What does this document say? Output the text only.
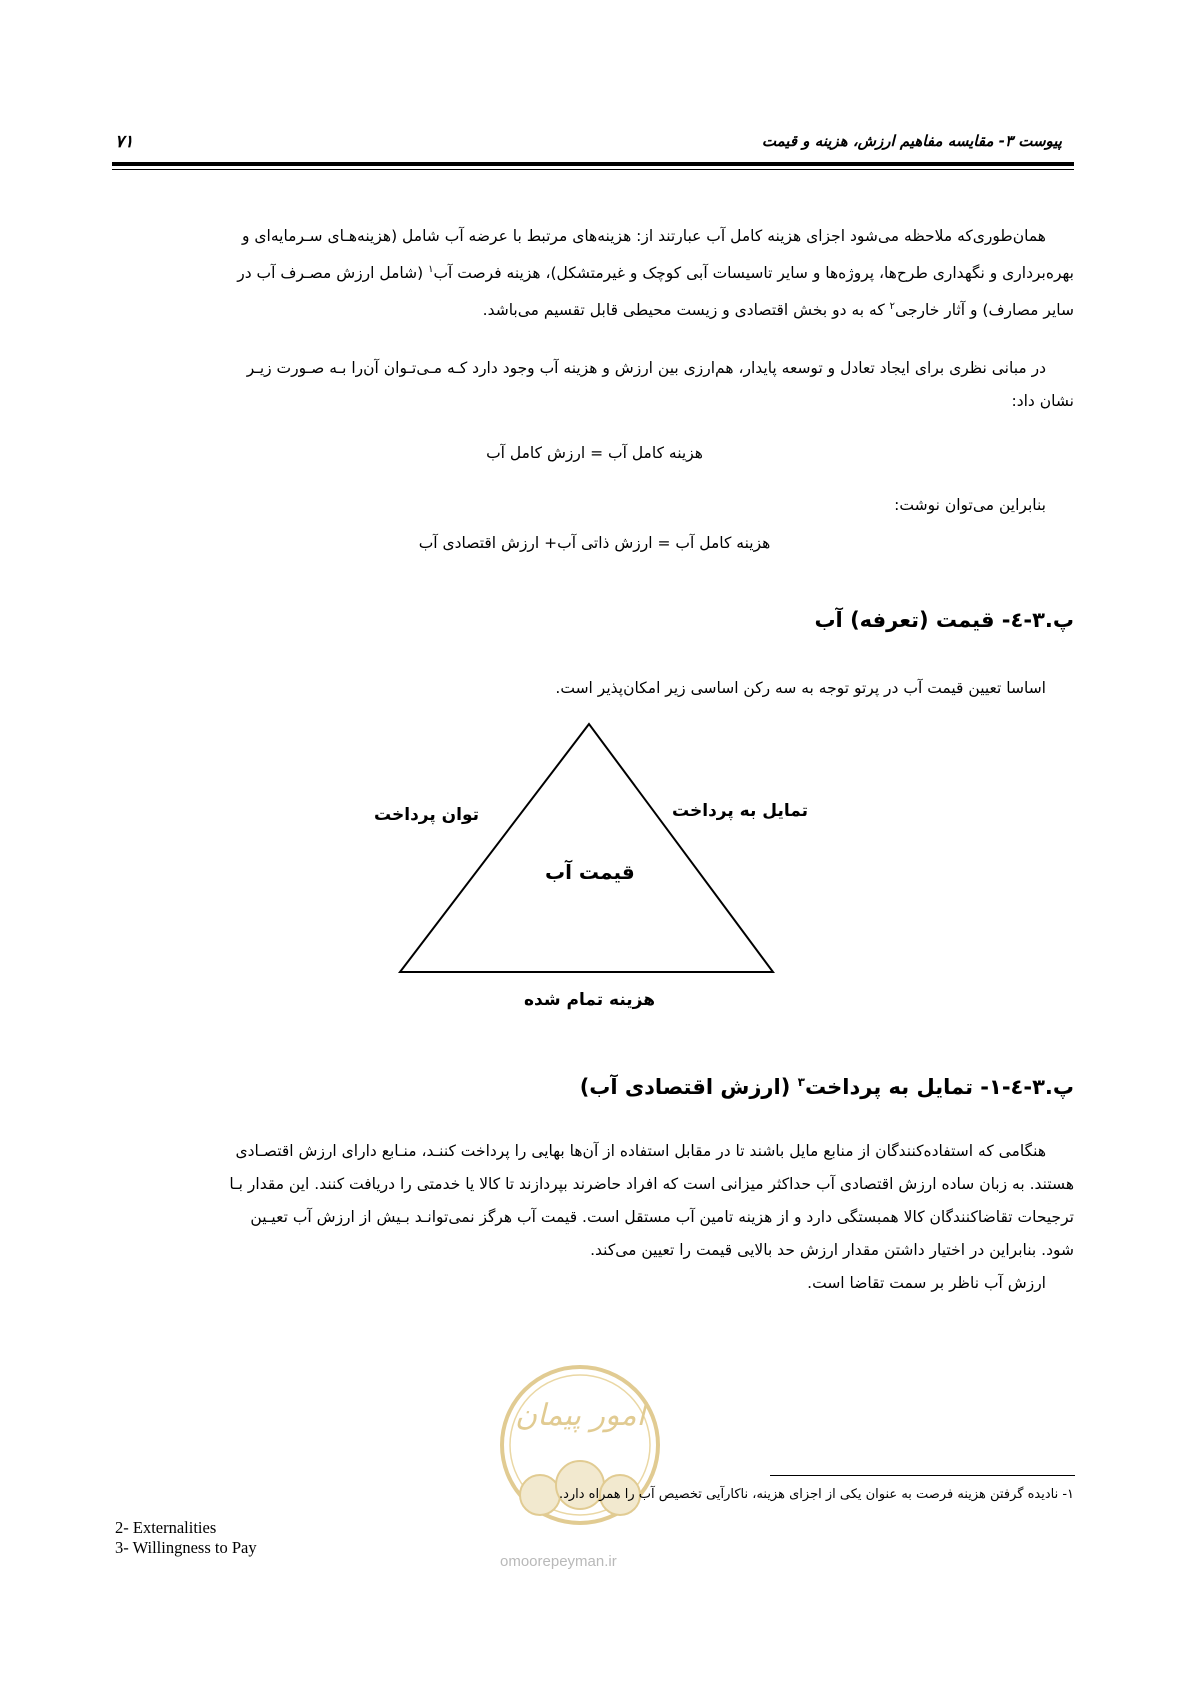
پیوست ۳- مقایسه مفاهیم ارزش، هزینه و قیمت
۷۱
همان‌طوری‌که ملاحظه می‌شود اجزای هزینه کامل آب عبارتند از: هزینه‌های مرتبط با عرضه آب شامل (هزینه‌هـای سـرمایه‌ای و
بهره‌برداری و نگهداری طرح‌ها، پروژه‌ها و سایر تاسیسات آبی کوچک و غیرمتشکل)، هزینه فرصت آب$^۱$ (شامل ارزش مصـرف آب در
سایر مصارف) و آثار خارجی$^۲$ که به دو بخش اقتصادی و زیست محیطی قابل تقسیم می‌باشد.
در مبانی نظری برای ایجاد تعادل و توسعه پایدار، هم‌ارزی بین ارزش و هزینه آب وجود دارد کـه مـی‌تـوان آن‌را بـه صـورت زیـر
نشان داد:
هزینه کامل آب = ارزش کامل آب
بنابراین می‌توان نوشت:
هزینه کامل آب = ارزش ذاتی آب+ ارزش اقتصادی آب
پ.۳-٤- قیمت (تعرفه) آب
اساسا تعیین قیمت آب در پرتو توجه به سه رکن اساسی زیر امکان‌پذیر است.
توان پرداخت	تمایل به پرداخت
قیمت آب
هزینه تمام شده
پ.۳-٤-۱- تمایل به پرداخت$^۳$ (ارزش اقتصادی آب)
هنگامی که استفاده‌کنندگان از منابع مایل باشند تا در مقابل استفاده از آن‌ها بهایی را پرداخت کننـد، منـابع دارای ارزش اقتصـادی
هستند. به زبان ساده ارزش اقتصادی آب حداکثر میزانی است که افراد حاضرند بپردازند تا کالا یا خدمتی را دریافت کنند. این مقدار بـا
ترجیحات تقاضاکنندگان کالا همبستگی دارد و از هزینه تامین آب مستقل است. قیمت آب هرگز نمی‌توانـد بـیش از ارزش آب تعیـین
شود. بنابراین در اختیار داشتن مقدار ارزش حد بالایی قیمت را تعیین می‌کند.
ارزش آب ناظر بر سمت تقاضا است.
امور پیمان
omoorepeyman.ir
۱- نادیده گرفتن هزینه فرصت به عنوان یکی از اجزای هزینه، ناکارآیی تخصیص آب را همراه دارد.
2- Externalities
3- Willingness to Pay
